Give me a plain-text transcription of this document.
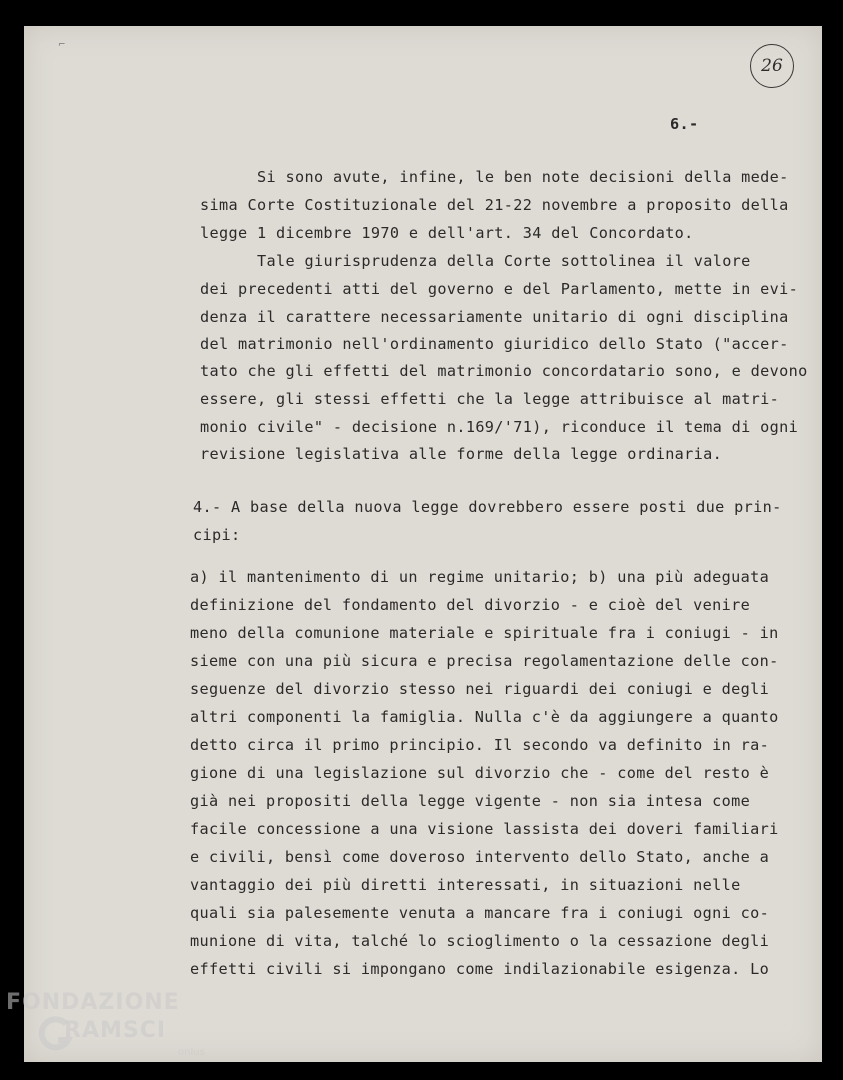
⌐
26
6.-
Si sono avute, infine, le ben note decisioni della mede-
sima Corte Costituzionale del 21-22 novembre a proposito della
legge 1 dicembre 1970 e dell'art. 34 del Concordato.
Tale giurisprudenza della Corte sottolinea il valore
dei precedenti atti del governo e del Parlamento, mette in evi-
denza il carattere necessariamente unitario di ogni disciplina
del matrimonio nell'ordinamento giuridico dello Stato ("accer-
tato che gli effetti del matrimonio concordatario sono, e devono
essere, gli stessi effetti che la legge attribuisce al matri-
monio civile" - decisione n.169/'71), riconduce il tema di ogni
revisione legislativa alle forme della legge ordinaria.
4.- A base della nuova legge dovrebbero essere posti due prin-
cipi:
a) il mantenimento di un regime unitario; b) una più adeguata
definizione del fondamento del divorzio - e cioè del venire
meno della comunione materiale e spirituale fra i coniugi - in
sieme con una più sicura e precisa regolamentazione delle con-
seguenze del divorzio stesso nei riguardi dei coniugi e degli
altri componenti la famiglia. Nulla c'è da aggiungere a quanto
detto circa il primo principio. Il secondo va definito in ra-
gione di una legislazione sul divorzio che - come del resto è
già nei propositi della legge vigente - non sia intesa come
facile concessione a una visione lassista dei doveri familiari
e civili, bensì come doveroso intervento dello Stato, anche a
vantaggio dei più diretti interessati, in situazioni nelle
quali sia palesemente venuta a mancare fra i coniugi ogni co-
munione di vita, talché lo scioglimento o la cessazione degli
effetti civili si impongano come indilazionabile esigenza. Lo
FONDAZIONE
RAMSCI
onlus
